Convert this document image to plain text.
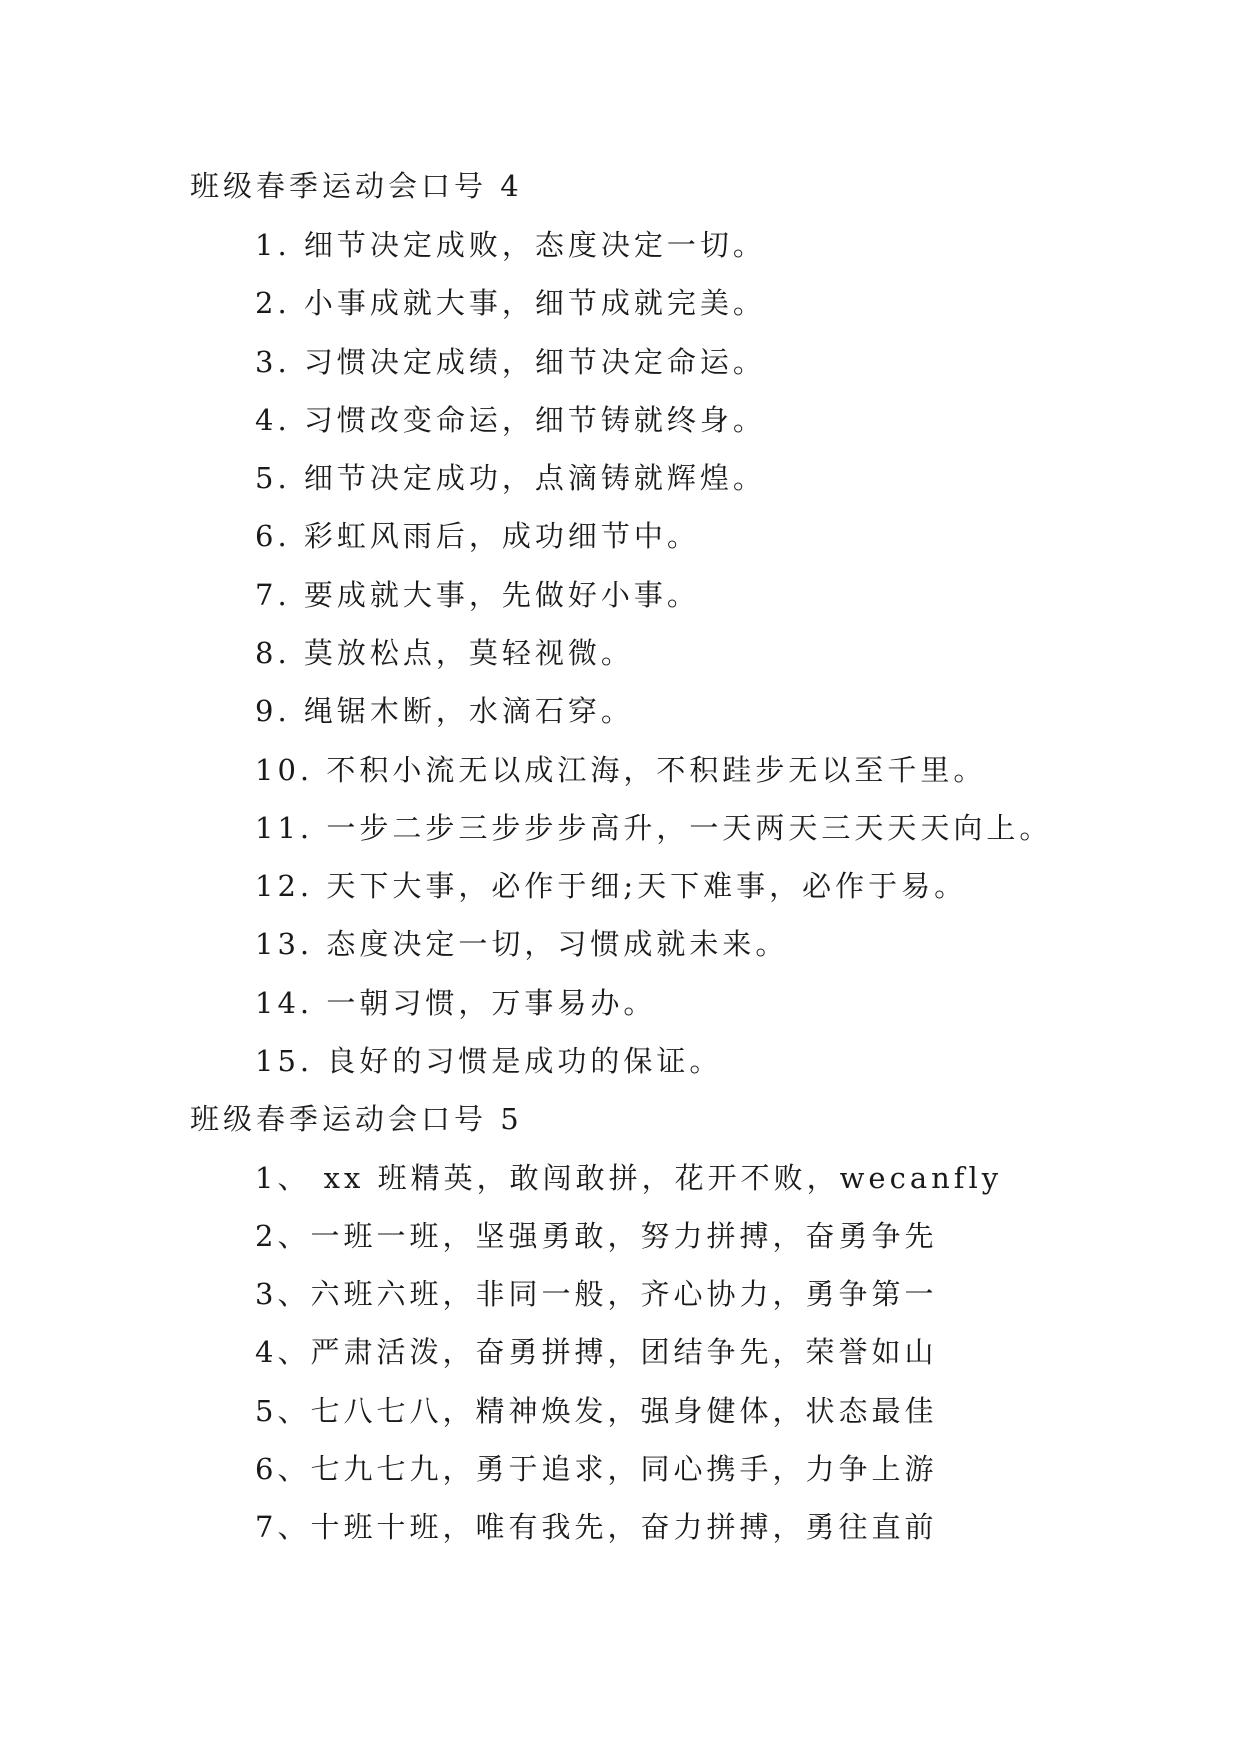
班级春季运动会口号 4
1. 细节决定成败，态度决定一切。
2. 小事成就大事，细节成就完美。
3. 习惯决定成绩，细节决定命运。
4. 习惯改变命运，细节铸就终身。
5. 细节决定成功，点滴铸就辉煌。
6. 彩虹风雨后，成功细节中。
7. 要成就大事，先做好小事。
8. 莫放松点，莫轻视微。
9. 绳锯木断，水滴石穿。
10. 不积小流无以成江海，不积跬步无以至千里。
11. 一步二步三步步步高升，一天两天三天天天向上。
12. 天下大事，必作于细;天下难事，必作于易。
13. 态度决定一切，习惯成就未来。
14. 一朝习惯，万事易办。
15. 良好的习惯是成功的保证。
班级春季运动会口号 5
1、 xx 班精英，敢闯敢拼，花开不败，wecanfly
2、一班一班，坚强勇敢，努力拼搏，奋勇争先
3、六班六班，非同一般，齐心协力，勇争第一
4、严肃活泼，奋勇拼搏，团结争先，荣誉如山
5、七八七八，精神焕发，强身健体，状态最佳
6、七九七九，勇于追求，同心携手，力争上游
7、十班十班，唯有我先，奋力拼搏，勇往直前
